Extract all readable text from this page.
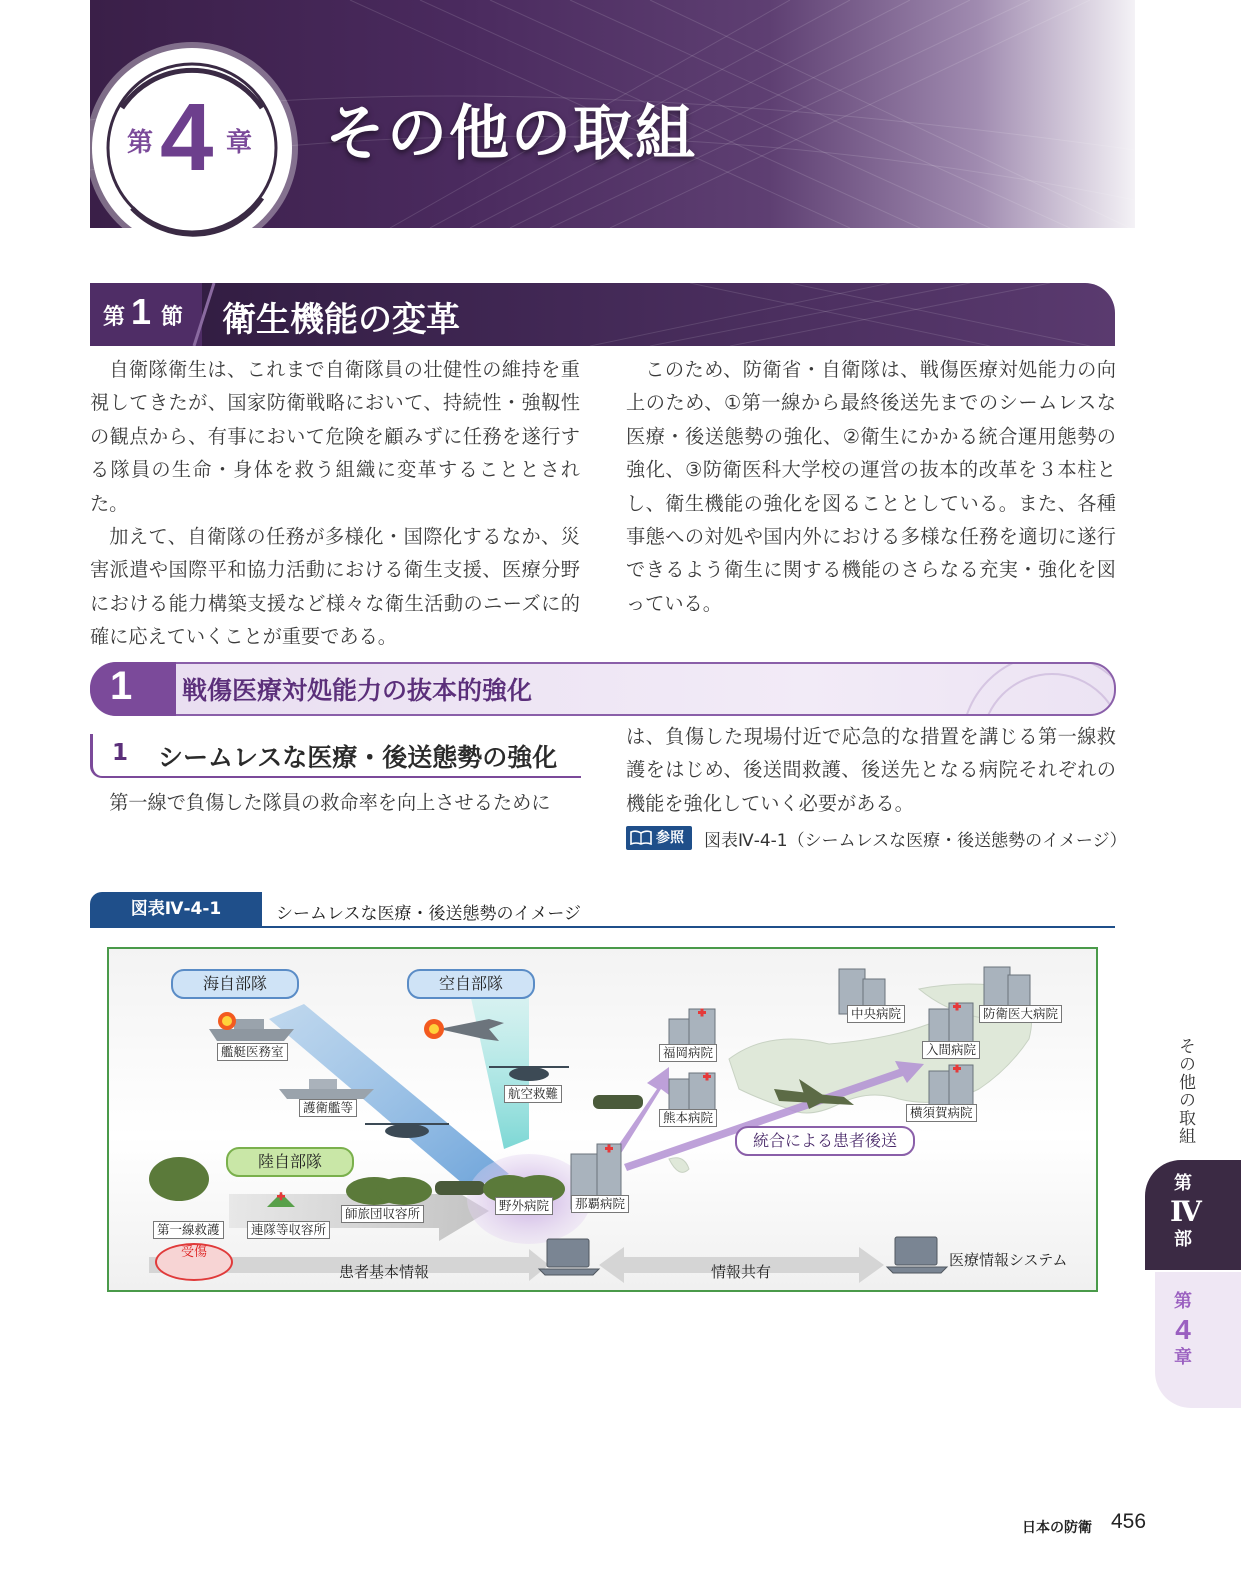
第 4 章 その他の取組
第 1 節 衛生機能の変革

自衛隊衛生は、これまで自衛隊員の壮健性の維持を重視してきたが、国家防衛戦略において、持続性・強靱性の観点から、有事において危険を顧みずに任務を遂行する隊員の生命・身体を救う組織に変革することとされた。

加えて、自衛隊の任務が多様化・国際化するなか、災害派遣や国際平和協力活動における衛生支援、医療分野における能力構築支援など様々な衛生活動のニーズに的確に応えていくことが重要である。

このため、防衛省・自衛隊は、戦傷医療対処能力の向上のため、①第一線から最終後送先までのシームレスな医療・後送態勢の強化、②衛生にかかる統合運用態勢の強化、③防衛医科大学校の運営の抜本的改革を３本柱とし、衛生機能の強化を図ることとしている。また、各種事態への対処や国内外における多様な任務を適切に遂行できるよう衛生に関する機能のさらなる充実・強化を図っている。

1 戦傷医療対処能力の抜本的強化
1 シームレスな医療・後送態勢の強化

第一線で負傷した隊員の救命率を向上させるために

は、負傷した現場付近で応急的な措置を講じる第一線救護をはじめ、後送間救護、後送先となる病院それぞれの機能を強化していく必要がある。

参照 図表Ⅳ-4-1（シームレスな医療・後送態勢のイメージ）
図表Ⅳ-4-1	シームレスな医療・後送態勢のイメージ
海自部隊	空自部隊
陸自部隊
統合による患者後送
艦艇医務室
護衛艦等
航空救難
福岡病院
熊本病院
中央病院	防衛医大病院
入間病院
横須賀病院
第一線救護	連隊等収容所
師旅団収容所
野外病院	那覇病院
受傷
患者基本情報	情報共有
医療情報システム
その他の取組
第
Ⅳ
部
第
4
章
日本の防衛 456
